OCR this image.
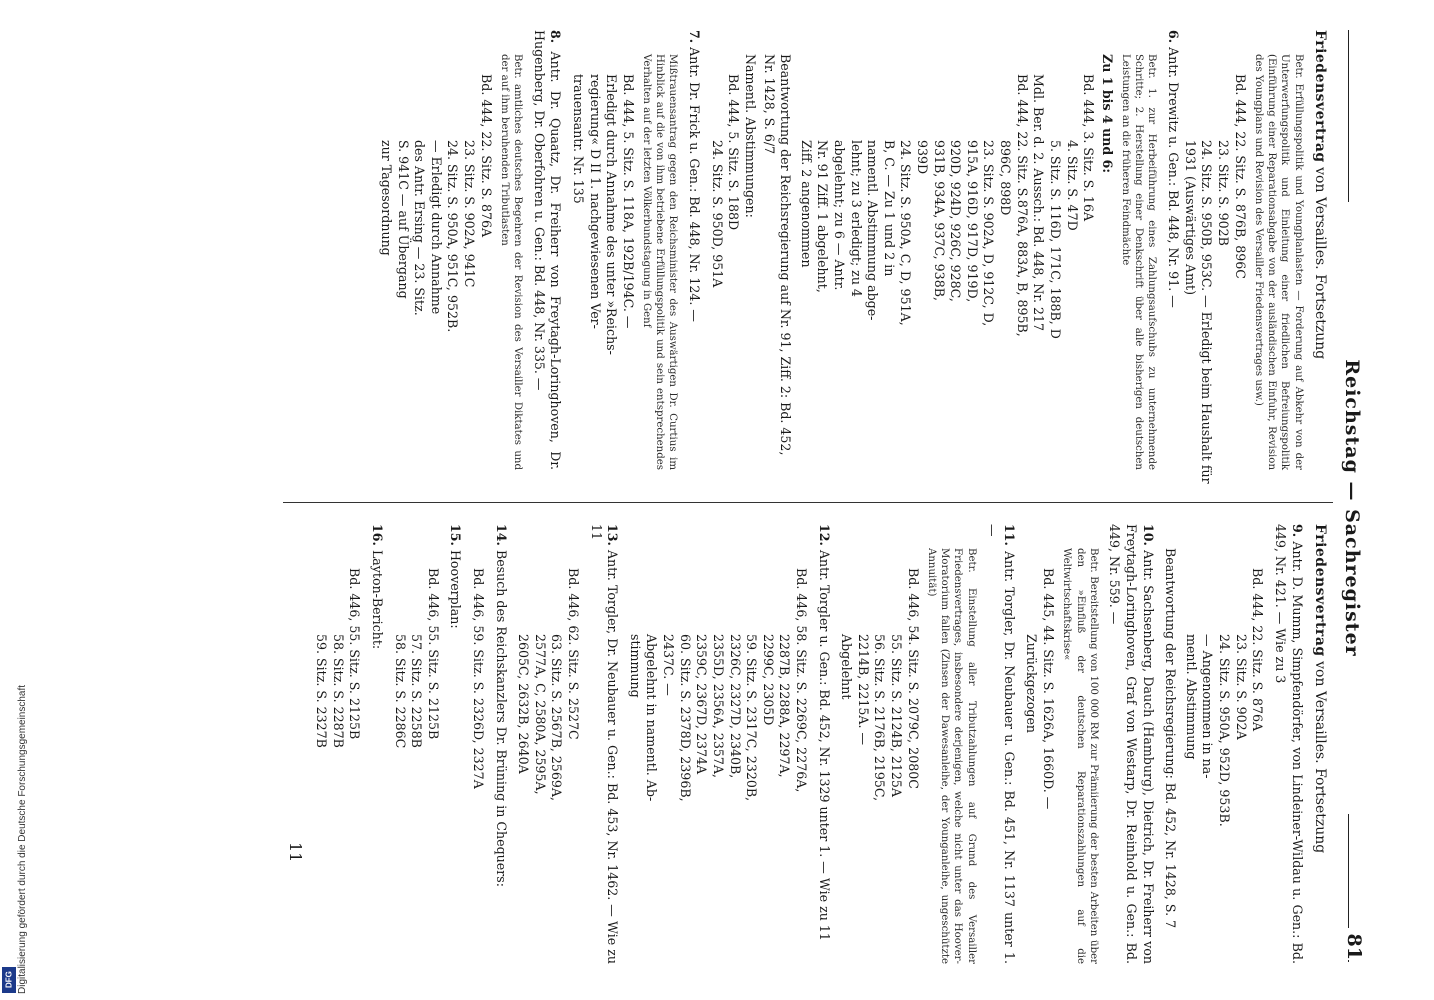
Reichstag — Sachregister
81
Friedensvertrag von Versailles. Fortsetzung
Betr. Erfüllungspolitik und Youngplanlasten — Forderung auf Abkehr von der Unterwerfungspolitik und Einleitung einer friedlichen Befreiungspolitik (Einführung einer Reparationsabgabe von der ausländischen Einfuhr, Revision des Youngplans und Revision des Versailler Friedensvertrages usw.)
Bd. 444, 22. Sitz. S. 876B, 896C
23. Sitz. S. 902B
24. Sitz. S. 950B, 953C. — Erledigt beim Haushalt für
1931 (Auswärtiges Amt)
6. Antr. Drewitz u. Gen.: Bd. 448, Nr. 91. —
Betr. 1. zur Herbeiführung eines Zahlungsaufschubs zu unternehmende Schritte; 2. Herstellung einer Denkschrift über alle bisherigen deutschen Leistungen an die früheren Feindmächte
Zu 1 bis 4 und 6:
Bd. 444, 3. Sitz. S. 16A
4. Sitz. S. 47D
5. Sitz. S. 116D, 171C, 188B, D
Mdl. Ber. d. 2. Aussch.: Bd. 448, Nr. 217
Bd. 444, 22. Sitz. S.876A, 883A, B, 895B,
896C, 898D
23. Sitz. S. 902A, D, 912C, D,
915A, 916D, 917D, 919D,
920D, 924D, 926C, 928C,
931B, 934A, 937C, 938B,
939D
24. Sitz. S. 950A, C, D, 951A,
B, C. — Zu 1 und 2 in
namentl. Abstimmung abge-
lehnt; zu 3 erledigt; zu 4
abgelehnt; zu 6 — Antr.
Nr. 91 Ziff. 1 abgelehnt,
Ziff. 2 angenommen
Beantwortung der Reichsregierung auf Nr. 91, Ziff. 2: Bd. 452, Nr. 1428, S. 6/7
Namentl. Abstimmungen:
Bd. 444, 5. Sitz. S. 188D
24. Sitz. S. 950D, 951A
7. Antr. Dr. Frick u. Gen.: Bd. 448, Nr. 124. —
Mißtrauensantrag gegen den Reichsminister des Auswärtigen Dr. Curtius im Hinblick auf die von ihm betriebene Erfüllungspolitik und sein entsprechendes Verhalten auf der letzten Völkerbundstagung in Genf
Bd. 444, 5. Sitz. S. 118A, 192B/194C. —
Erledigt durch Annahme des unter »Reichs-
regierung« D II 1. nachgewiesenen Ver-
trauensantr. Nr. 135
8. Antr. Dr. Quaatz, Dr. Freiherr von Freytagh-Loringhoven, Dr. Hugenberg, Dr. Oberfohren u. Gen.: Bd. 448, Nr. 335. —
Betr. amtliches deutsches Begehren der Revision des Versailler Diktates und der auf ihm beruhenden Tributlasten
Bd. 444, 22. Sitz. S. 876A
23. Sitz. S. 902A, 941C
24. Sitz. S. 950A, 951C, 952B.
— Erledigt durch Annahme
des Antr. Ersing — 23. Sitz.
S. 941C — auf Übergang
zur Tagesordnung
Friedensvertrag von Versailles. Fortsetzung
9. Antr. D. Mumm, Simpfendörfer, von Lindeiner-Wildau u. Gen.: Bd. 449, Nr. 421. — Wie zu 3
Bd. 444, 22. Sitz. S. 876A
23. Sitz. S. 902A
24. Sitz. S. 950A, 952D, 953B.
— Angenommen in na-
mentl. Abstimmung
Beantwortung der Reichsregierung: Bd. 452, Nr. 1428, S. 7
10. Antr. Sachsenberg, Dauch (Hamburg), Dietrich, Dr. Freiherr von Freytagh-Loringhoven, Graf von Westarp, Dr. Reinhold u. Gen.: Bd. 449, Nr. 559. —
Betr. Bereitstellung von 100 000 RM zur Prämiierung der besten Arbeiten über den »Einfluß der deutschen Reparationszahlungen auf die Weltwirtschaftskrise«
Bd. 445, 44. Sitz. S. 1626A, 1660D. —
Zurückgezogen
11. Antr. Torgler, Dr. Neubauer u. Gen.: Bd. 451, Nr. 1137 unter 1. —
Betr. Einstellung aller Tributzahlungen auf Grund des Versailler Friedensvertrages, insbesondere derjenigen, welche nicht unter das Hoover-Moratorium fallen (Zinsen der Dawesanleihe, der Younganleihe, ungeschützte Annuität)
Bd. 446, 54. Sitz. S. 2079C, 2080C
55. Sitz. S. 2124B, 2125A
56. Sitz. S. 2176B, 2195C,
2214B, 2215A. —
Abgelehnt
12. Antr. Torgler u. Gen.: Bd. 452, Nr. 1329 unter 1. — Wie zu 11
Bd. 446, 58. Sitz. S. 2269C, 2276A,
2287B, 2288A, 2297A,
2299C, 2305D
59. Sitz. S. 2317C, 2320B,
2326C, 2327D, 2340B,
2355D, 2356A, 2357A,
2359C, 2367D, 2374A
60. Sitz. S. 2378D, 2396B,
2437C. —
Abgelehnt in namentl. Ab-
stimmung
13. Antr. Torgler, Dr. Neubauer u. Gen.: Bd. 453, Nr. 1462. — Wie zu 11
Bd. 446, 62. Sitz. S. 2527C
63. Sitz. S. 2567B, 2569A,
2577A, C, 2580A, 2595A,
2605C, 2632B, 2640A
14. Besuch des Reichskanzlers Dr. Brüning in Chequers:
Bd. 446, 59. Sitz. S. 2326D, 2327A
15. Hooverplan:
Bd. 446, 55. Sitz. S. 2125B
57. Sitz. S. 2258B
58. Sitz. S. 2286C
16. Layton-Bericht:
Bd. 446, 55. Sitz. S. 2125B
58. Sitz. S. 2287B
59. Sitz. S. 2327B
11
Digitalisierung gefördert durch die Deutsche Forschungsgemeinschaft
DFG
